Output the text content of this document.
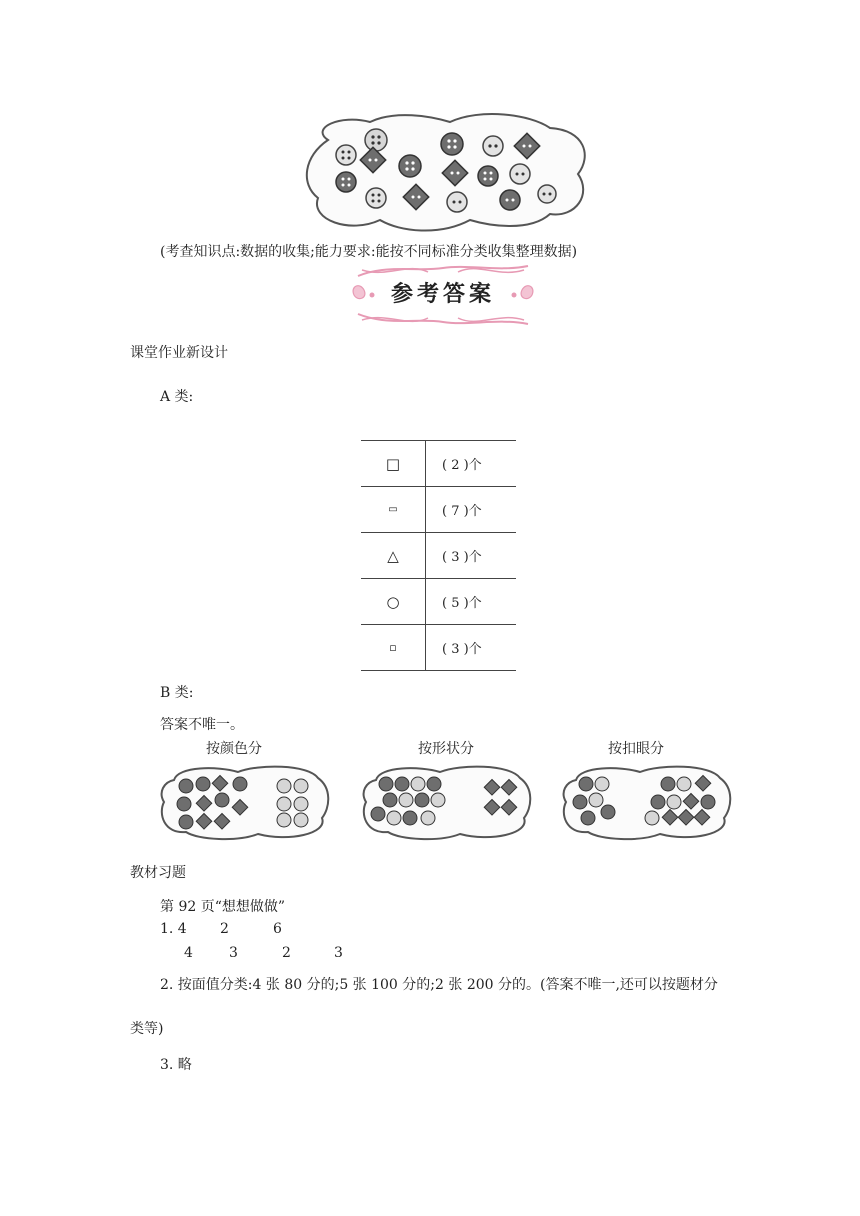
(考查知识点:数据的收集;能力要求:能按不同标准分类收集整理数据)
参考答案
课堂作业新设计
A 类:
□	( 2 )个
▭	( 7 )个
△	( 3 )个
○	( 5 )个
▫	( 3 )个
B 类:
答案不唯一。
按颜色分	按形状分	按扣眼分
教材习题
第 92 页“想想做做”
1. 4 2	6
4	3	2	3
2. 按面值分类:4 张 80 分的;5 张 100 分的;2 张 200 分的。(答案不唯一,还可以按题材分
类等)
3. 略
